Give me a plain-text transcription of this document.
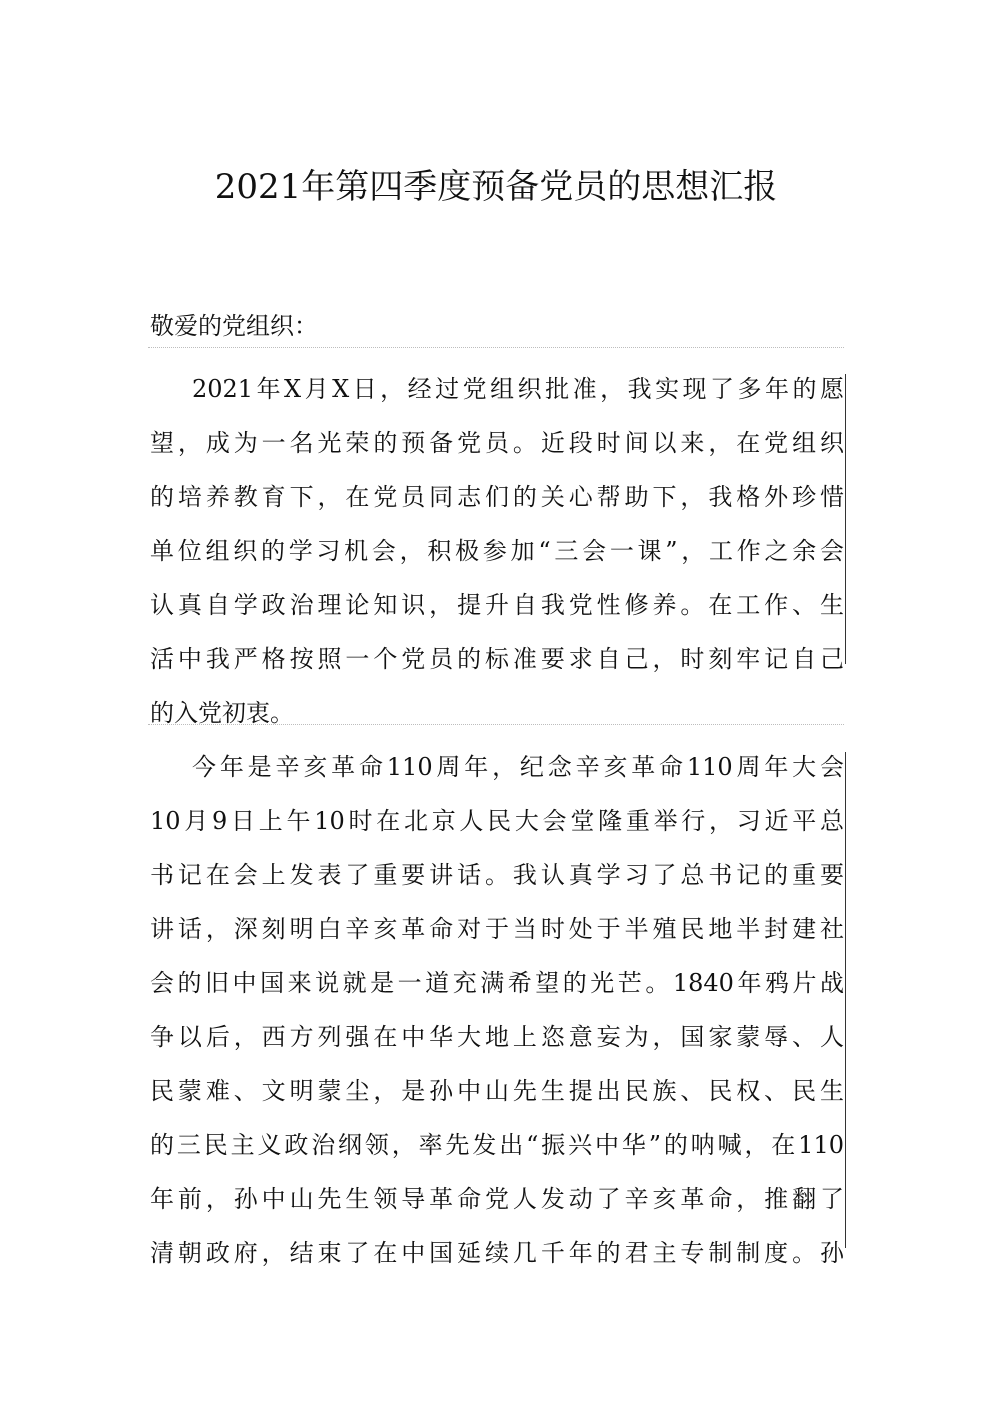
2021年第四季度预备党员的思想汇报
敬爱的党组织：
2021年X月X日，经过党组织批准，我实现了多年的愿
望，成为一名光荣的预备党员。近段时间以来，在党组织
的培养教育下，在党员同志们的关心帮助下，我格外珍惜
单位组织的学习机会，积极参加“三会一课”，工作之余会
认真自学政治理论知识，提升自我党性修养。在工作、生
活中我严格按照一个党员的标准要求自己，时刻牢记自己
的入党初衷。
今年是辛亥革命110周年，纪念辛亥革命110周年大会
10月9日上午10时在北京人民大会堂隆重举行，习近平总
书记在会上发表了重要讲话。我认真学习了总书记的重要
讲话，深刻明白辛亥革命对于当时处于半殖民地半封建社
会的旧中国来说就是一道充满希望的光芒。1840年鸦片战
争以后，西方列强在中华大地上恣意妄为，国家蒙辱、人
民蒙难、文明蒙尘，是孙中山先生提出民族、民权、民生
的三民主义政治纲领，率先发出“振兴中华”的呐喊，在110
年前，孙中山先生领导革命党人发动了辛亥革命，推翻了
清朝政府，结束了在中国延续几千年的君主专制制度。孙
